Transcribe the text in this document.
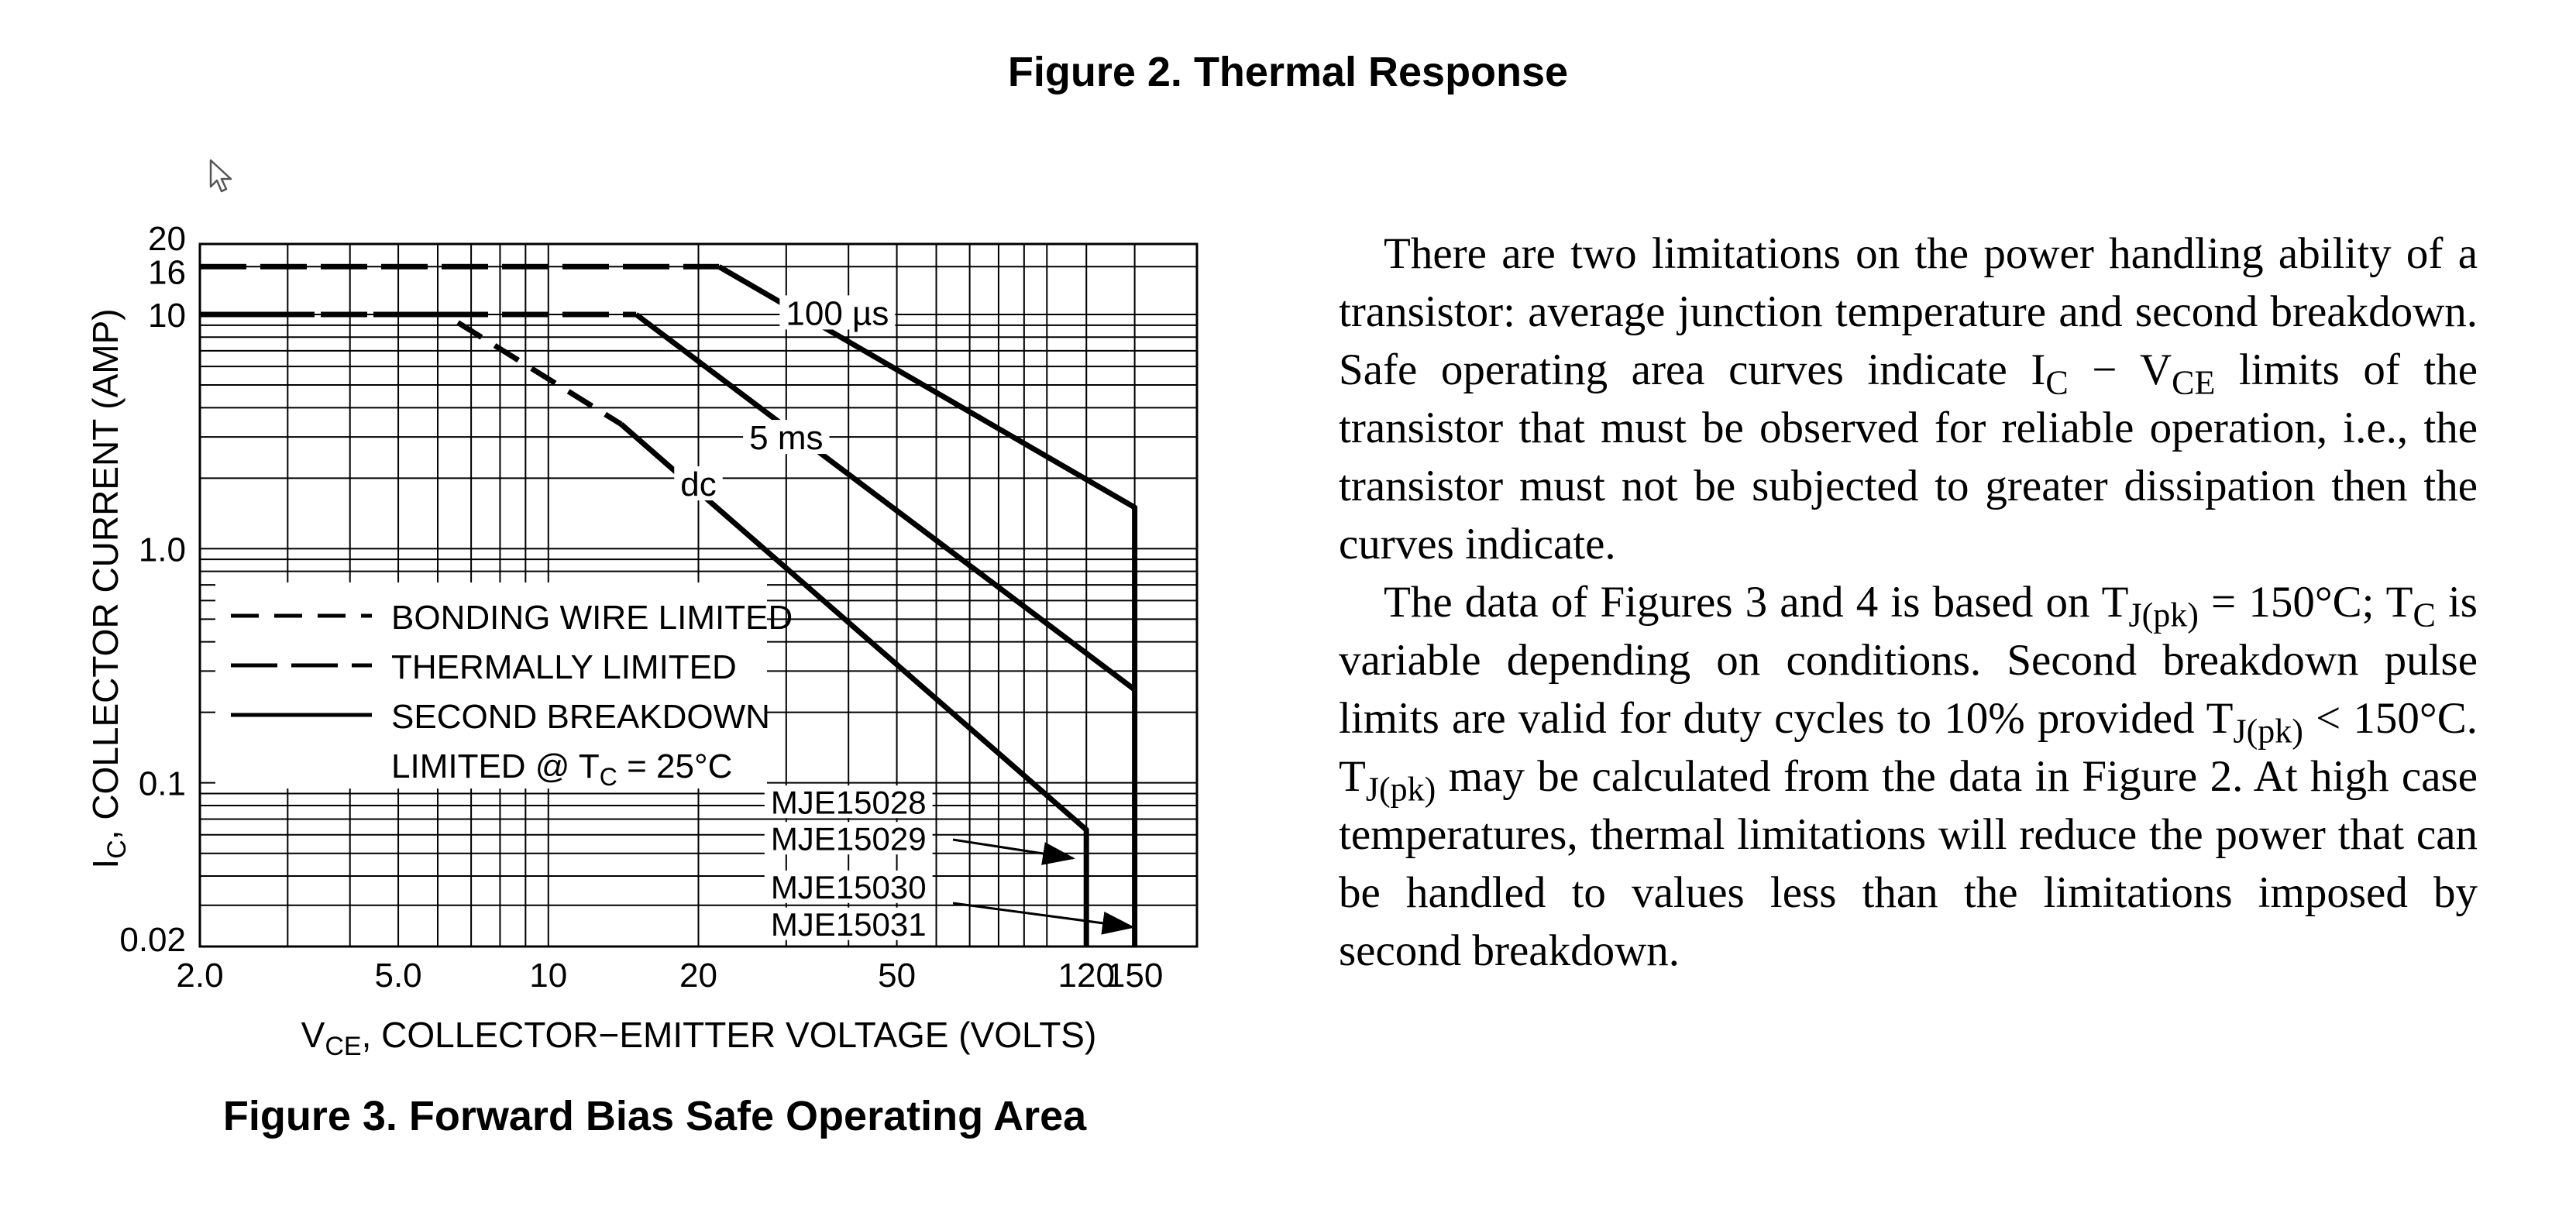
Figure 2. Thermal Response
BONDING WIRE LIMITED
THERMALLY LIMITED
SECOND BREAKDOWN
LIMITED @ $T_C = 25^\circ C$
100 µs
5 ms
dc
MJE15028
MJE15029
MJE15030
MJE15031
2.0	5.0	10	20	50	120
150
0.02
0.1
1.0
10
16
20
$V_{CE}$, COLLECTOR−EMITTER VOLTAGE (VOLTS)
$I_C$, COLLECTOR CURRENT (AMP)
Figure 3. Forward Bias Safe Operating Area

There are two limitations on the power handling ability of a transistor: average junction temperature and second breakdown. Safe operating area curves indicate $I_C - V_{CE}$ limits of the transistor that must be observed for reliable operation, i.e., the transistor must not be subjected to greater dissipation then the curves indicate.

The data of Figures 3 and 4 is based on $T_{J(pk)} = 150^\circ C$; $T_C$ is variable depending on conditions. Second breakdown pulse limits are valid for duty cycles to 10% provided $T_{J(pk)} < 150^\circ C$. $T_{J(pk)}$ may be calculated from the data in Figure 2. At high case temperatures, thermal limitations will reduce the power that can be handled to values less than the limitations imposed by second breakdown.
